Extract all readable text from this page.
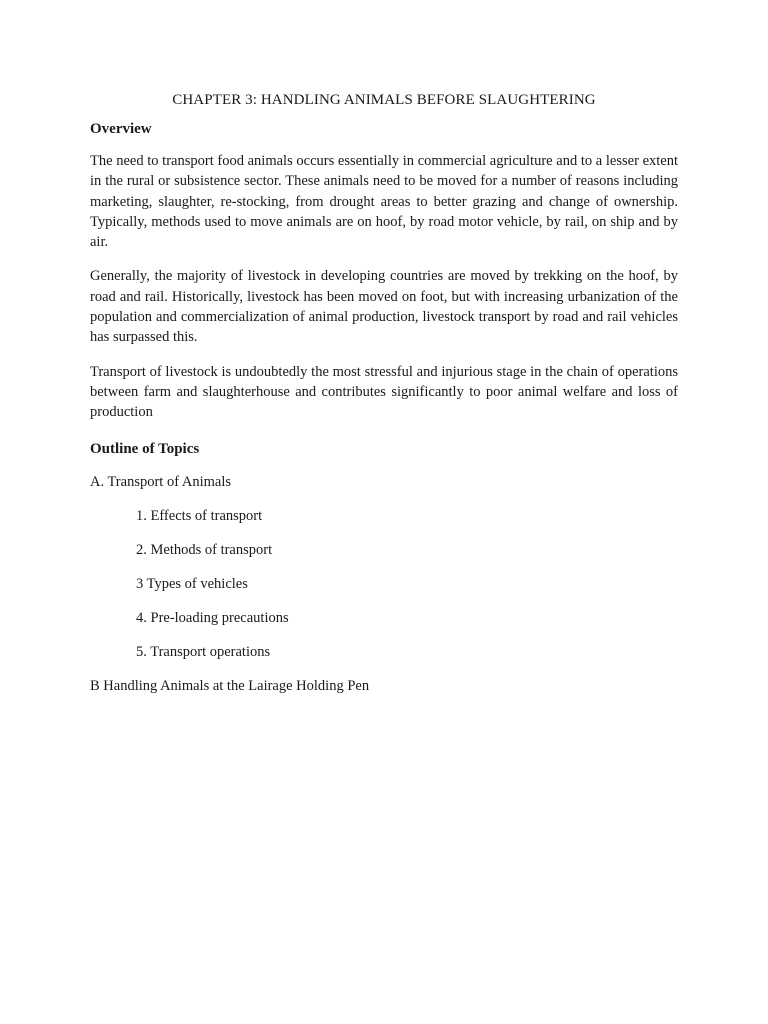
CHAPTER 3: HANDLING ANIMALS BEFORE SLAUGHTERING
Overview

The need to transport food animals occurs essentially in commercial agriculture and to a lesser extent in the rural or subsistence sector. These animals need to be moved for a number of reasons including marketing, slaughter, re-stocking, from drought areas to better grazing and change of ownership. Typically, methods used to move animals are on hoof, by road motor vehicle, by rail, on ship and by air.

Generally, the majority of livestock in developing countries are moved by trekking on the hoof, by road and rail. Historically, livestock has been moved on foot, but with increasing urbanization of the population and commercialization of animal production, livestock transport by road and rail vehicles has surpassed this.

Transport of livestock is undoubtedly the most stressful and injurious stage in the chain of operations between farm and slaughterhouse and contributes significantly to poor animal welfare and loss of production

Outline of Topics
A. Transport of Animals
1. Effects of transport
2. Methods of transport
3 Types of vehicles
4. Pre-loading precautions
5. Transport operations
B Handling Animals at the Lairage Holding Pen
